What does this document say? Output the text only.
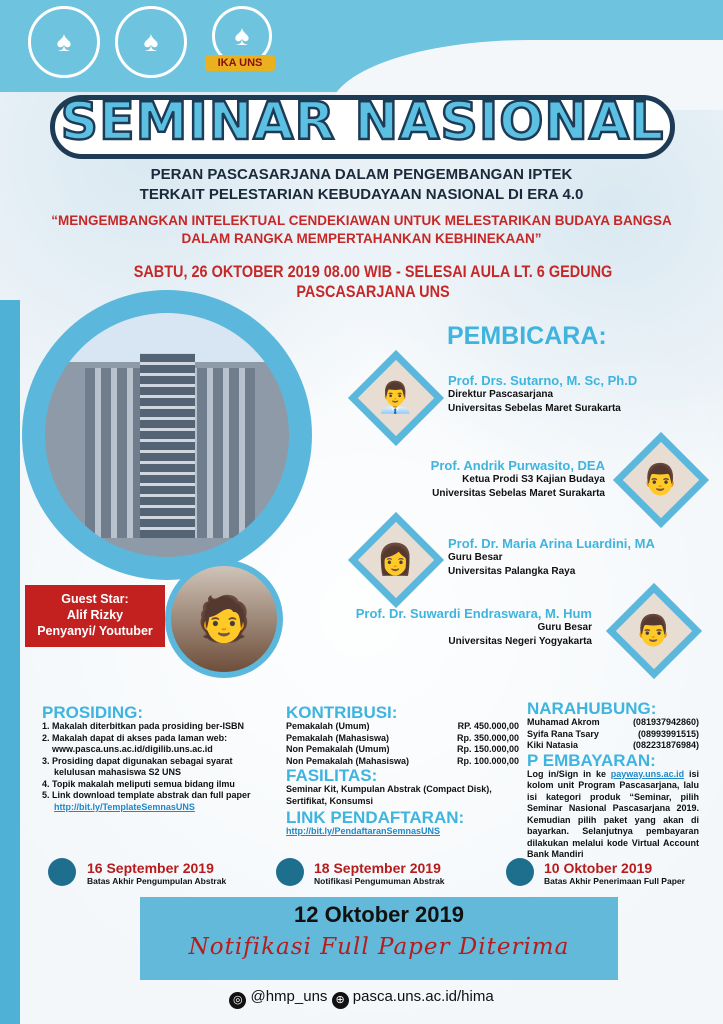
♠	♠	♠
IKA UNS
SEMINAR NASIONAL
PERAN PASCASARJANA DALAM PENGEMBANGAN IPTEK
TERKAIT PELESTARIAN KEBUDAYAAN NASIONAL DI ERA 4.0
“MENGEMBANGKAN INTELEKTUAL CENDEKIAWAN UNTUK MELESTARIKAN BUDAYA BANGSA
DALAM RANGKA MEMPERTAHANKAN KEBHINEKAAN”
SABTU, 26 OKTOBER 2019 08.00 WIB - SELESAI AULA LT. 6 GEDUNG PASCASARJANA UNS
PEMBICARA:
👨‍💼
Prof. Drs. Sutarno, M. Sc, Ph.D
Direktur Pascasarjana
Universitas Sebelas Maret Surakarta
👨
Prof. Andrik Purwasito, DEA
Ketua Prodi S3 Kajian Budaya
Universitas Sebelas Maret Surakarta
👩	Prof. Dr. Maria Arina Luardini, MA
Guru Besar
Universitas Palangka Raya
👨
Prof. Dr. Suwardi Endraswara, M. Hum
Guru Besar
Universitas Negeri Yogyakarta
Guest Star:
Alif Rizky
Penyanyi/ Youtuber 🧑
PROSIDING:
1. Makalah diterbitkan pada prosiding ber-ISBN
2. Makalah dapat di akses pada laman web:
www.pasca.uns.ac.id/digilib.uns.ac.id
3. Prosiding dapat digunakan sebagai syarat
kelulusan mahasiswa S2 UNS
4. Topik makalah meliputi semua bidang ilmu
5. Link download template abstrak dan full paper
http://bit.ly/TemplateSemnasUNS
KONTRIBUSI:
Pemakalah (Umum)	RP. 450.000,00
Pemakalah (Mahasiswa)	Rp. 350.000,00
Non Pemakalah (Umum)	Rp. 150.000,00
Non Pemakalah (Mahasiswa)	Rp. 100.000,00
FASILITAS:
Seminar Kit, Kumpulan Abstrak (Compact Disk), Sertifikat, Konsumsi
LINK PENDAFTARAN:
http://bit.ly/PendaftaranSemnasUNS
NARAHUBUNG:
Muhamad Akrom	(081937942860)
Syifa Rana Tsary	(08993991515)
Kiki Natasia	(082231876984)
P EMBAYARAN:
Log in/Sign in ke payway.uns.ac.id isi kolom unit Program Pascasarjana, lalu isi kategori produk “Seminar, pilih Seminar Nasional Pascasarjana 2019. Kemudian pilih paket yang akan di bayarkan. Selanjutnya pembayaran dilakukan melalui kode Virtual Account Bank Mandiri
16 September 2019
Batas Akhir Pengumpulan Abstrak
18 September 2019
Notifikasi Pengumuman Abstrak
10 Oktober 2019
Batas Akhir Penerimaan Full Paper
12 Oktober 2019
Notifikasi Full Paper Diterima
◎ @hmp_uns ⊕ pasca.uns.ac.id/hima
